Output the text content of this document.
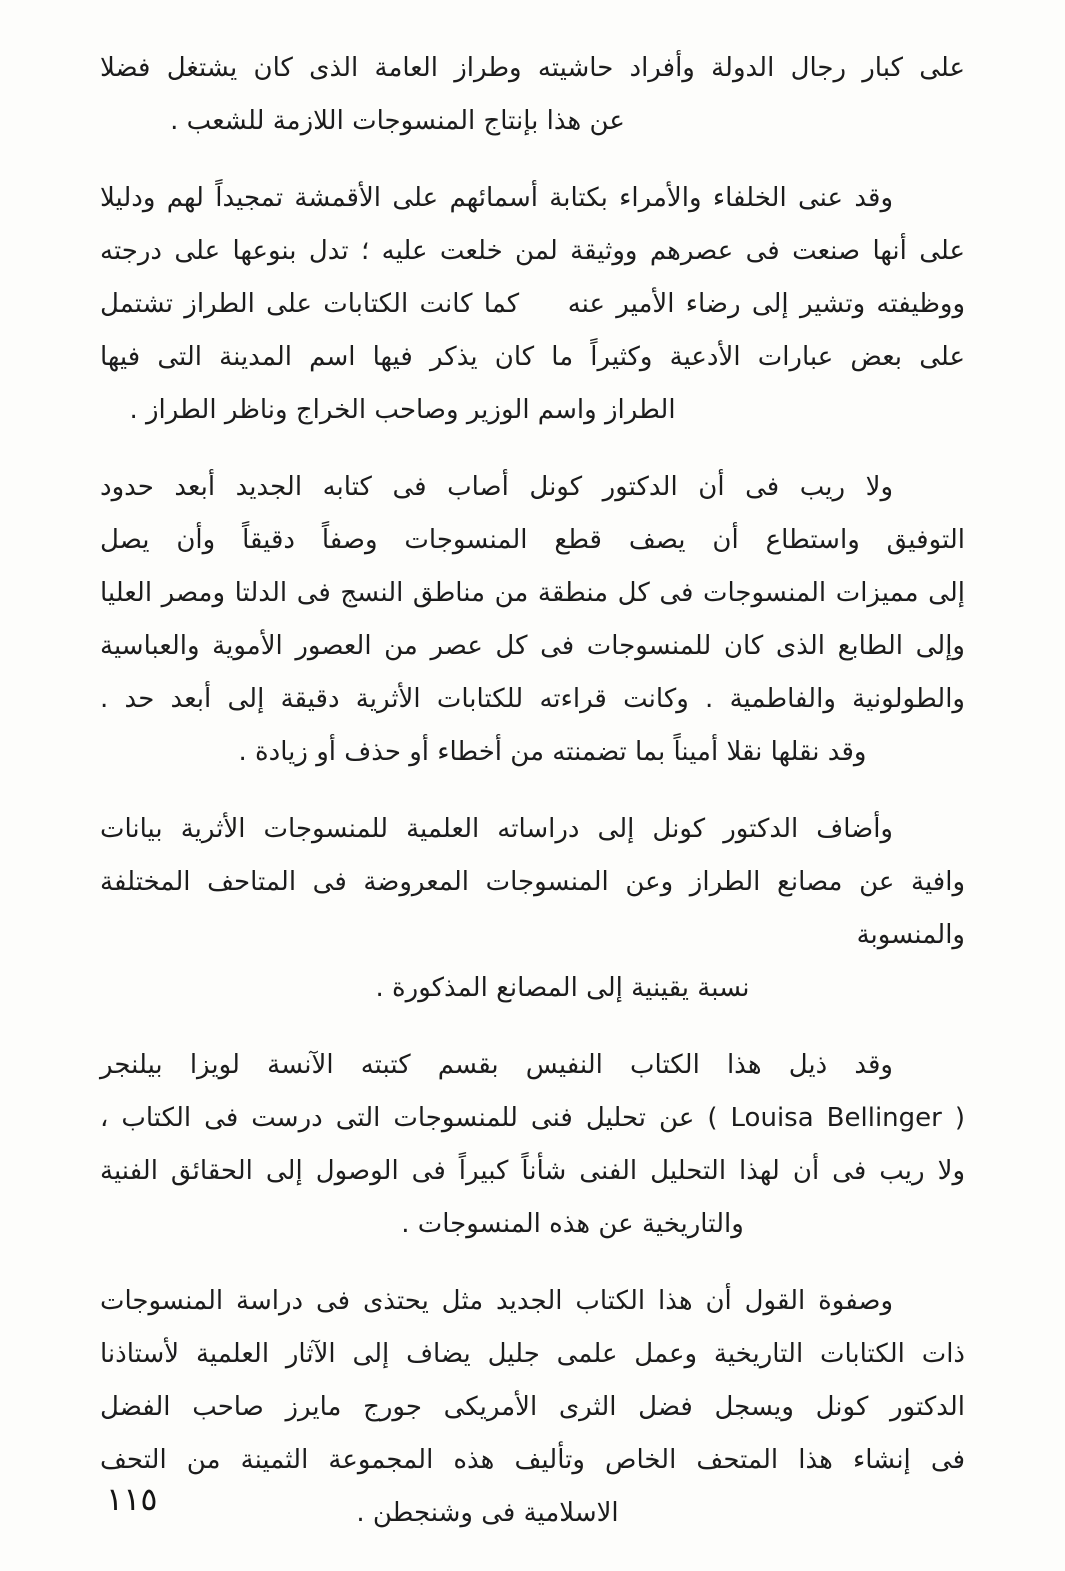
على كبار رجال الدولة وأفراد حاشيته وطراز العامة الذى كان يشتغل فضلا
عن هذا بإنتاج المنسوجات اللازمة للشعب .
وقد عنى الخلفاء والأمراء بكتابة أسمائهم على الأقمشة تمجيداً لهم ودليلا
على أنها صنعت فى عصرهم ووثيقة لمن خلعت عليه ؛ تدل بنوعها على درجته
ووظيفته وتشير إلى رضاء الأمير عنه   كما كانت الكتابات على الطراز تشتمل
على بعض عبارات الأدعية وكثيراً ما كان يذكر فيها اسم المدينة التى فيها
الطراز واسم الوزير وصاحب الخراج وناظر الطراز .
ولا ريب فى أن الدكتور كونل أصاب فى كتابه الجديد أبعد حدود
التوفيق واستطاع أن يصف قطع المنسوجات وصفاً دقيقاً وأن يصل
إلى مميزات المنسوجات فى كل منطقة من مناطق النسج فى الدلتا ومصر العليا
وإلى الطابع الذى كان للمنسوجات فى كل عصر من العصور الأموية والعباسية
والطولونية والفاطمية . وكانت قراءته للكتابات الأثرية دقيقة إلى أبعد حد .
وقد نقلها نقلا أميناً بما تضمنته من أخطاء أو حذف أو زيادة .
وأضاف الدكتور كونل إلى دراساته العلمية للمنسوجات الأثرية بيانات
وافية عن مصانع الطراز وعن المنسوجات المعروضة فى المتاحف المختلفة والمنسوبة
نسبة يقينية إلى المصانع المذكورة .
وقد ذيل هذا الكتاب النفيس بقسم كتبته الآنسة لويزا بيلنجر
( Louisa Bellinger ) عن تحليل فنى للمنسوجات التى درست فى الكتاب ،
ولا ريب فى أن لهذا التحليل الفنى شأناً كبيراً فى الوصول إلى الحقائق الفنية
والتاريخية عن هذه المنسوجات .
وصفوة القول أن هذا الكتاب الجديد مثل يحتذى فى دراسة المنسوجات
ذات الكتابات التاريخية وعمل علمى جليل يضاف إلى الآثار العلمية لأستاذنا
الدكتور كونل ويسجل فضل الثرى الأمريكى جورج مايرز صاحب الفضل
فى إنشاء هذا المتحف الخاص وتأليف هذه المجموعة الثمينة من التحف
الاسلامية فى وشنجطن .
١١٥
